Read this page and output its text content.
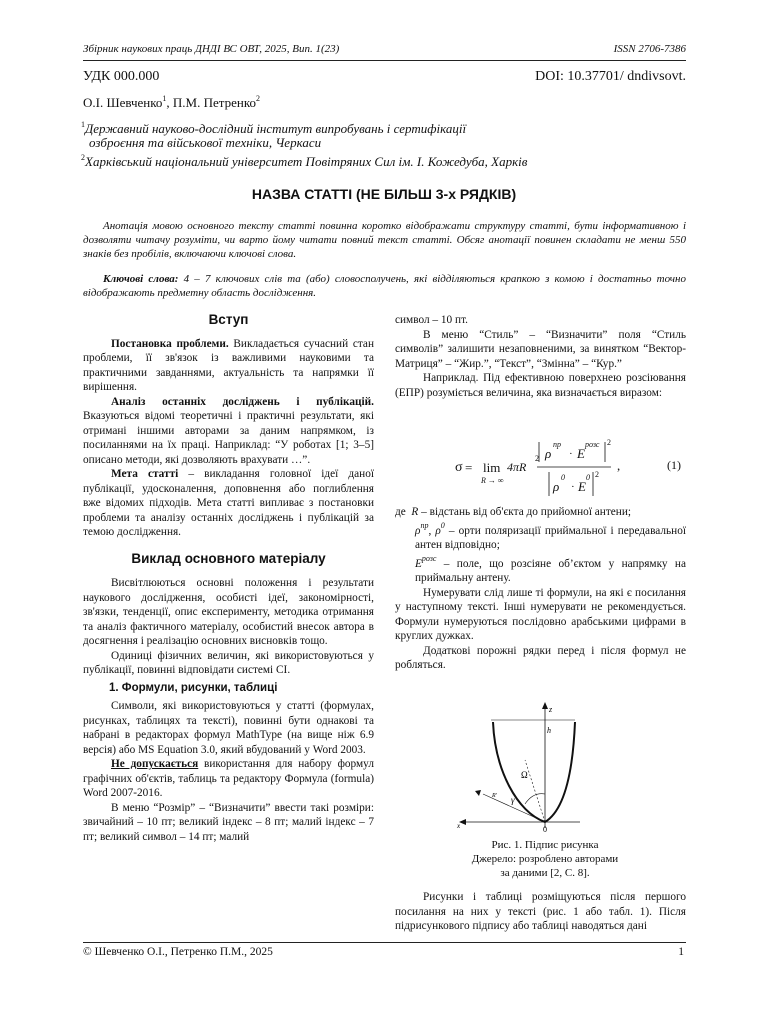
Збірник наукових праць ДНДІ ВС ОВТ, 2025, Вип. 1(23)	ISSN 2706-7386
УДК 000.000	DOI: 10.37701/ dndivsovt.
О.І. Шевченко$^1$, П.М. Петренко$^2$
$^1$Державний науково-дослідний інститут випробувань і сертифікації
озброєння та військової техніки, Черкаси
$^2$Харківський національний університет Повітряних Сил ім. І. Кожедуба, Харків
НАЗВА СТАТТІ (НЕ БІЛЬШ 3-х РЯДКІВ)

Анотація мовою основного тексту статті повинна коротко відображати структуру статті, бути інформативною і дозволяти читачу розуміти, чи варто йому читати повний текст статті. Обсяг анотації повинен складати не менш 550 знаків без пробілів, включаючи ключові слова.

Ключові слова: 4 – 7 ключових слів та (або) словосполучень, які відділяються крапкою з комою і достатньо точно відображають предметну область дослідження.

Вступ

Постановка проблеми. Викладається сучасний стан проблеми, її зв'язок із важливими науковими та практичними завданнями, актуальність та напрямки її вирішення.

Аналіз останніх досліджень і публікацій. Вказуються відомі теоретичні і практичні результати, які отримані іншими авторами за даним напрямком, із посиланнями на їх праці. Наприклад: “У роботах [1; 3–5] описано методи, які дозволяють врахувати …”.

Мета статті – викладання головної ідеї даної публікації, удосконалення, доповнення або поглиблення вже відомих підходів. Мета статті випливає з постановки проблеми та аналізу останніх досліджень і публікацій за темою дослідження.

Виклад основного матеріалу

Висвітлюються основні положення і результати наукового дослідження, особисті ідеї, закономірності, зв'язки, тенденції, опис експерименту, методика отримання та аналіз фактичного матеріалу, особистий внесок автора в досягнення і реалізацію основних висновків тощо.

Одиниці фізичних величин, які використовуються у публікації, повинні відповідати системі СІ.

1. Формули, рисунки, таблиці

Символи, які використовуються у статті (формулах, рисунках, таблицях та тексті), повинні бути однакові та набрані в редакторах формул MathType (на вище ніж 6.9 версія) або MS Equation 3.0, який вбудований у Word 2003.

Не допускається використання для набору формул графічних об'єктів, таблиць та редактору Формула (formula) Word 2007-2016.

В меню “Розмір” – “Визначити” ввести такі розміри: звичайний – 10 пт; великий індекс – 8 пт; малий індекс – 7 пт; великий символ – 14 пт; малий

символ – 10 пт.

В меню “Стиль” – “Визначити” поля “Стиль символів” залишити незаповненими, за винятком “Вектор-Матриця” – “Жир.”, “Текст”, “Змінна” – “Кур.”

Наприклад. Під ефективною поверхнею розсіювання (ЕПР) розуміється величина, яка визначається виразом:

σ = lim
R → ∞
4πR
2 ρ
np
· E
розс 2
ρ
0
· E
0 2
,	(1)

де R – відстань від об'єкта до прийомної антени;

$\rho^{np}$, $\rho^0$ – орти поляризації приймальної і передавальної антен відповідно;

$E^{розс}$ – поле, що розсіяне об’єктом у напрямку на приймальну антену.

Нумерувати слід лише ті формули, на які є посилання у наступному тексті. Інші нумерувати не рекомендується. Формули нумеруються послідовно арабськими цифрами в круглих дужках.

Додаткові порожні рядки перед і після формул не робляться.

z
h
Ω
R' γ
x	0
Рис. 1. Підпис рисунка
Джерело: розроблено авторами
за даними [2, С. 8].

Рисунки і таблиці розміщуються після першого посилання на них у тексті (рис. 1 або табл. 1). Після підрисункового підпису або таблиці наводяться дані

© Шевченко О.І., Петренко П.М., 2025	1
